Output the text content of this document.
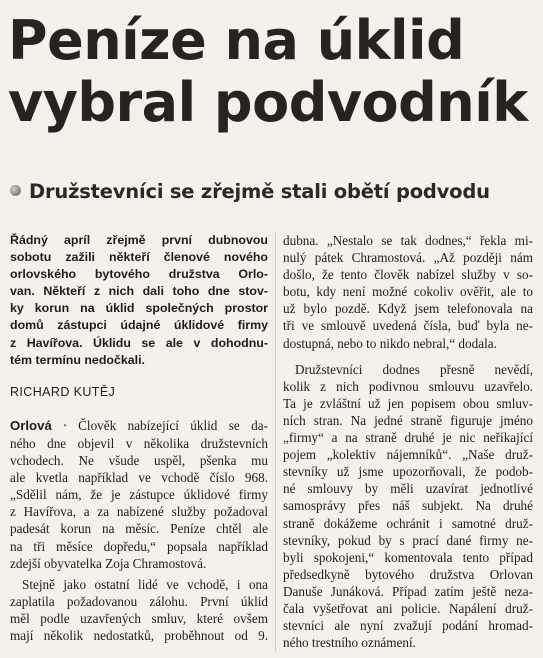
Peníze na úklid
vybral podvodník
Družstevníci se zřejmě stali obětí podvodu
Řádný apríl zřejmě první dubnovou
sobotu zažili někteří členové nového
orlovského bytového družstva Orlo-
van. Někteří z nich dali toho dne stov-
ky korun na úklid společných prostor
domů zástupci údajné úklidové firmy
z Havířova. Úklidu se ale v dohodnu-
tém termínu nedočkali.
RICHARD KUTĚJ
Orlová • Člověk nabízející úklid se da-
ného dne objevil v několika družstevních
vchodech. Ne všude uspěl, pšenka mu
ale kvetla například ve vchodě číslo 968.
„Sdělil nám, že je zástupce úklidové firmy
z Havířova, a za nabízené služby požadoval
padesát korun na měsíc. Peníze chtěl ale
na tři měsíce dopředu,“ popsala například
zdejší obyvatelka Zoja Chramostová.
Stejně jako ostatní lidé ve vchodě, i ona
zaplatila požadovanou zálohu. První úklid
měl podle uzavřených smluv, které ovšem
mají několik nedostatků, proběhnout od 9.
dubna. „Nestalo se tak dodnes,“ řekla mi-
nulý pátek Chramostová. „Až později nám
došlo, že tento člověk nabízel služby v so-
botu, kdy není možné cokoliv ověřit, ale to
už bylo pozdě. Když jsem telefonovala na
tři ve smlouvě uvedená čísla, buď byla ne-
dostupná, nebo to nikdo nebral,“ dodala.
Družstevníci dodnes přesně nevědí,
kolik z nich podivnou smlouvu uzavřelo.
Ta je zvláštní už jen popisem obou smluv-
ních stran. Na jedné straně figuruje jméno
„firmy“ a na straně druhé je nic neříkající
pojem „kolektiv nájemníků“. „Naše druž-
stevníky už jsme upozorňovali, že podob-
né smlouvy by měli uzavírat jednotlivé
samosprávy přes náš subjekt. Na druhé
straně dokážeme ochránit i samotné druž-
stevníky, pokud by s prací dané firmy ne-
byli spokojeni,“ komentovala tento případ
předsedkyně bytového družstva Orlovan
Danuše Junáková. Případ zatím ještě neza-
čala vyšetřovat ani policie. Napálení druž-
stevníci ale nyní zvažují podání hromad-
ného trestního oznámení.
